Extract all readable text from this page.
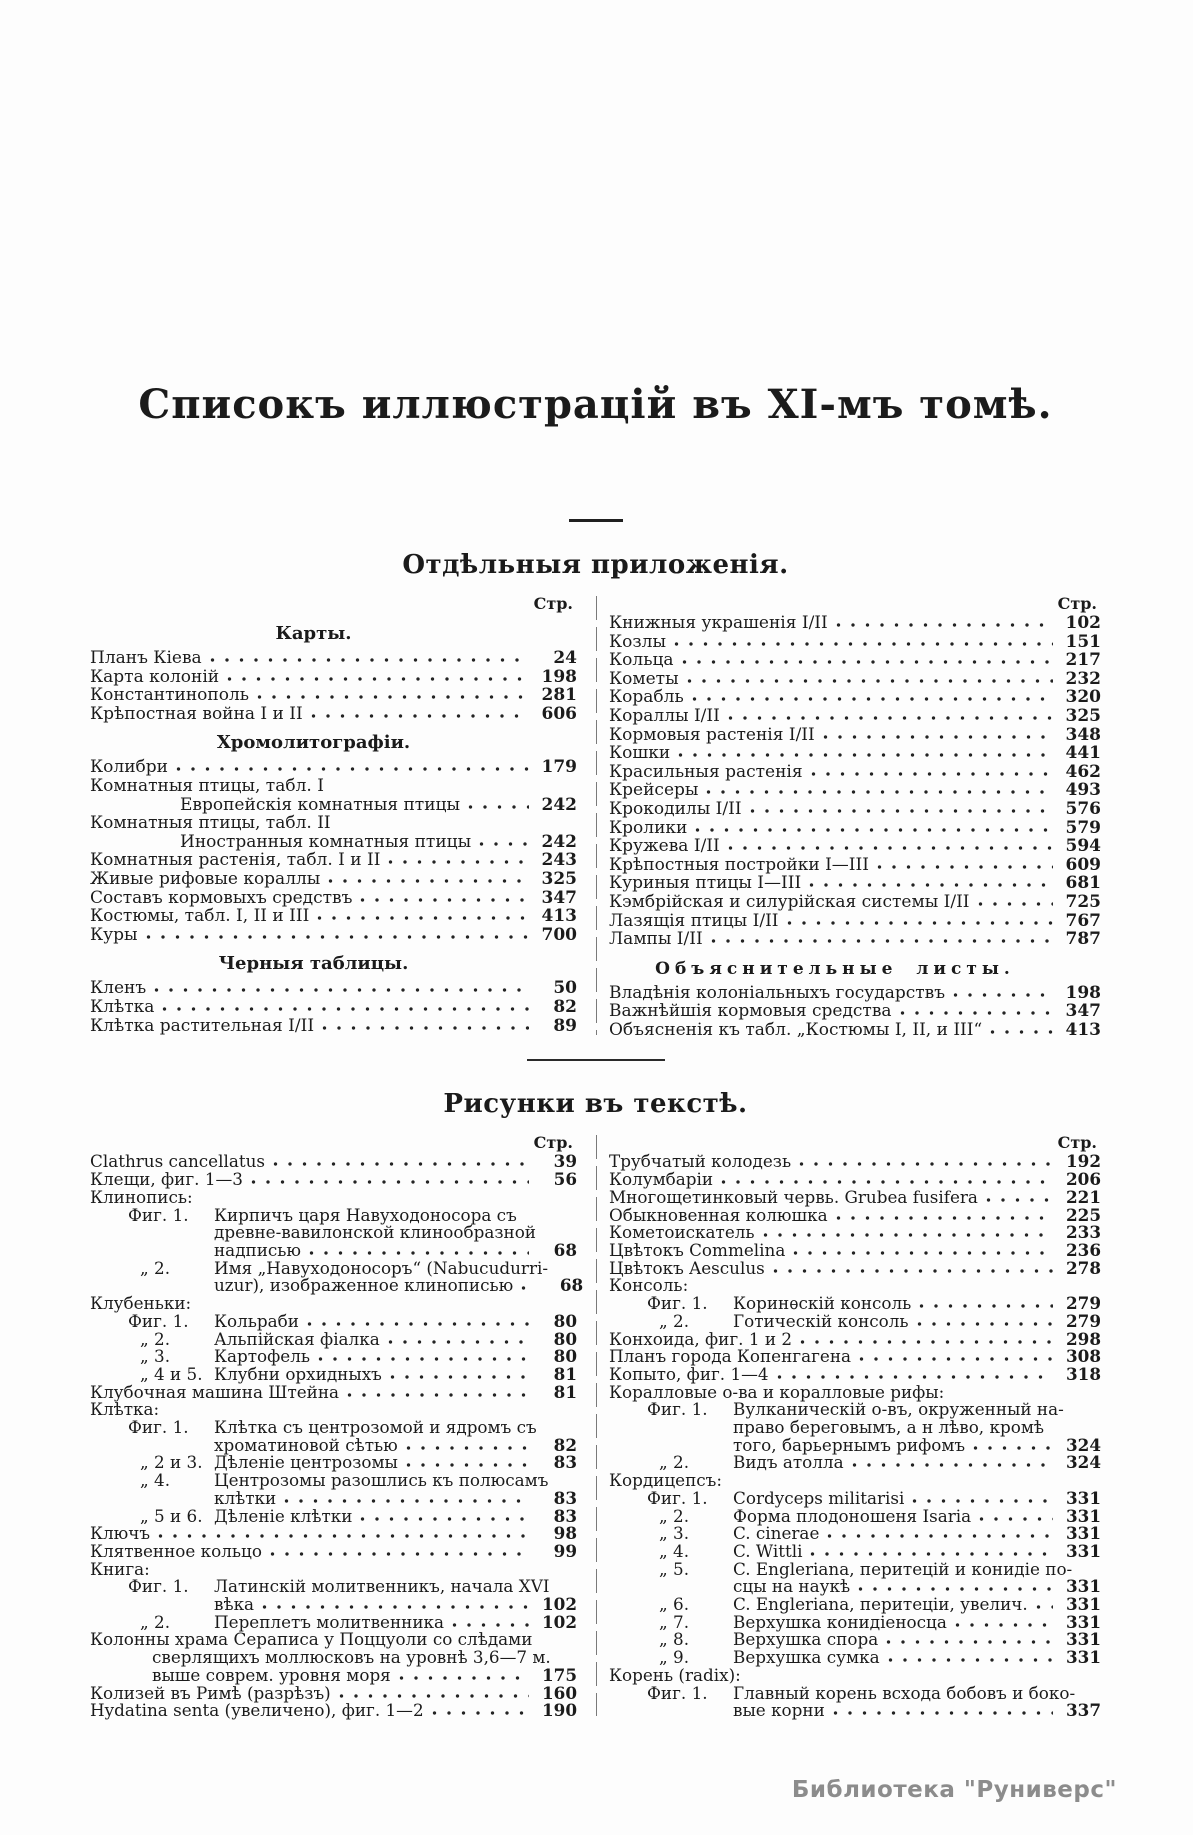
Списокъ иллюстрацій въ XI-мъ томѣ.
Отдѣльныя приложенія.
Стр.
Карты.
Планъ Кіева	24
Карта колоній	198
Константинополь	281
Крѣпостная война I и II	606
Хромолитографіи.
Колибри	179
Комнатныя птицы, табл. I
Европейскія комнатныя птицы	242
Комнатныя птицы, табл. II
Иностранныя комнатныя птицы	242
Комнатныя растенія, табл. I и II	243
Живые рифовые кораллы	325
Составъ кормовыхъ средствъ	347
Костюмы, табл. I, II и III	413
Куры	700
Черныя таблицы.
Кленъ	50
Клѣтка	82
Клѣтка растительная I/II	89
Стр.
Книжныя украшенія I/II	102
Козлы	151
Кольца	217
Кометы	232
Корабль	320
Кораллы I/II	325
Кормовыя растенія I/II	348
Кошки	441
Красильныя растенія	462
Крейсеры	493
Крокодилы I/II	576
Кролики	579
Кружева I/II	594
Крѣпостныя постройки I—III	609
Куриныя птицы I—III	681
Кэмбрійская и силурійская системы I/II	725
Лазящія птицы I/II	767
Лампы I/II	787
Объяснительные листы.
Владѣнія колоніальныхъ государствъ	198
Важнѣйшія кормовыя средства	347
Объясненія къ табл. „Костюмы I, II, и III“	413
Рисунки въ текстѣ.
Стр.
Clathrus cancellatus	39
Клещи, фиг. 1—3	56
Клинопись:
Фиг. 1.	Кирпичъ царя Навуходоносора съ
древне-вавилонской клинообразной
надписью	68
„ 2.	Имя „Навуходоносоръ“ (Nabucudurri-
uzur), изображенное клинописью	68
Клубеньки:
Фиг. 1.	Кольраби	80
„ 2.	Альпійская фіалка	80
„ 3.	Картофель	80
„ 4 и 5. Клубни орхидныхъ	81
Клубочная машина Штейна	81
Клѣтка:
Фиг. 1.	Клѣтка съ центрозомой и ядромъ съ
хроматиновой сѣтью	82
„ 2 и 3. Дѣленіе центрозомы	83
„ 4.	Центрозомы разошлись къ полюсамъ
клѣтки	83
„ 5 и 6. Дѣленіе клѣтки	83
Ключъ	98
Клятвенное кольцо	99
Книга:
Фиг. 1.	Латинскій молитвенникъ, начала XVI
вѣка	102
„ 2.	Переплетъ молитвенника	102
Колонны храма Сераписа у Поццуоли со слѣдами
сверлящихъ моллюсковъ на уровнѣ 3,6—7 м.
выше соврем. уровня моря	175
Колизей въ Римѣ (разрѣзъ)	160
Hydatina senta (увеличено), фиг. 1—2	190
Стр.
Трубчатый колодезь	192
Колумбаріи	206
Многощетинковый червь. Grubea fusifera	221
Обыкновенная колюшка	225
Кометоискатель	233
Цвѣтокъ Commelina	236
Цвѣтокъ Aesculus	278
Консоль:
Фиг. 1.	Коринѳскій консоль	279
„ 2.	Готическій консоль	279
Конхоида, фиг. 1 и 2	298
Планъ города Копенгагена	308
Копыто, фиг. 1—4	318
Коралловые о-ва и коралловые рифы:
Фиг. 1.	Вулканическій о-въ, окруженный на-
право береговымъ, а н лѣво, кромѣ
того, барьернымъ рифомъ	324
„ 2.	Видъ атолла	324
Кордицепсъ:
Фиг. 1.	Cordyceps militarisi	331
„ 2.	Форма плодоношеня Isaria	331
„ 3.	C. cinerae	331
„ 4.	C. Wittli	331
„ 5.	C. Engleriana, перитецій и конидіе по-
сцы на наукѣ	331
„ 6.	C. Engleriana, перитеціи, увелич.	331
„ 7.	Верхушка конидіеносца	331
„ 8.	Верхушка спора	331
„ 9.	Верхушка сумка	331
Корень (radix):
Фиг. 1.	Главный корень всхода бобовъ и боко-
вые корни	337
Библиотека "Руниверс"
